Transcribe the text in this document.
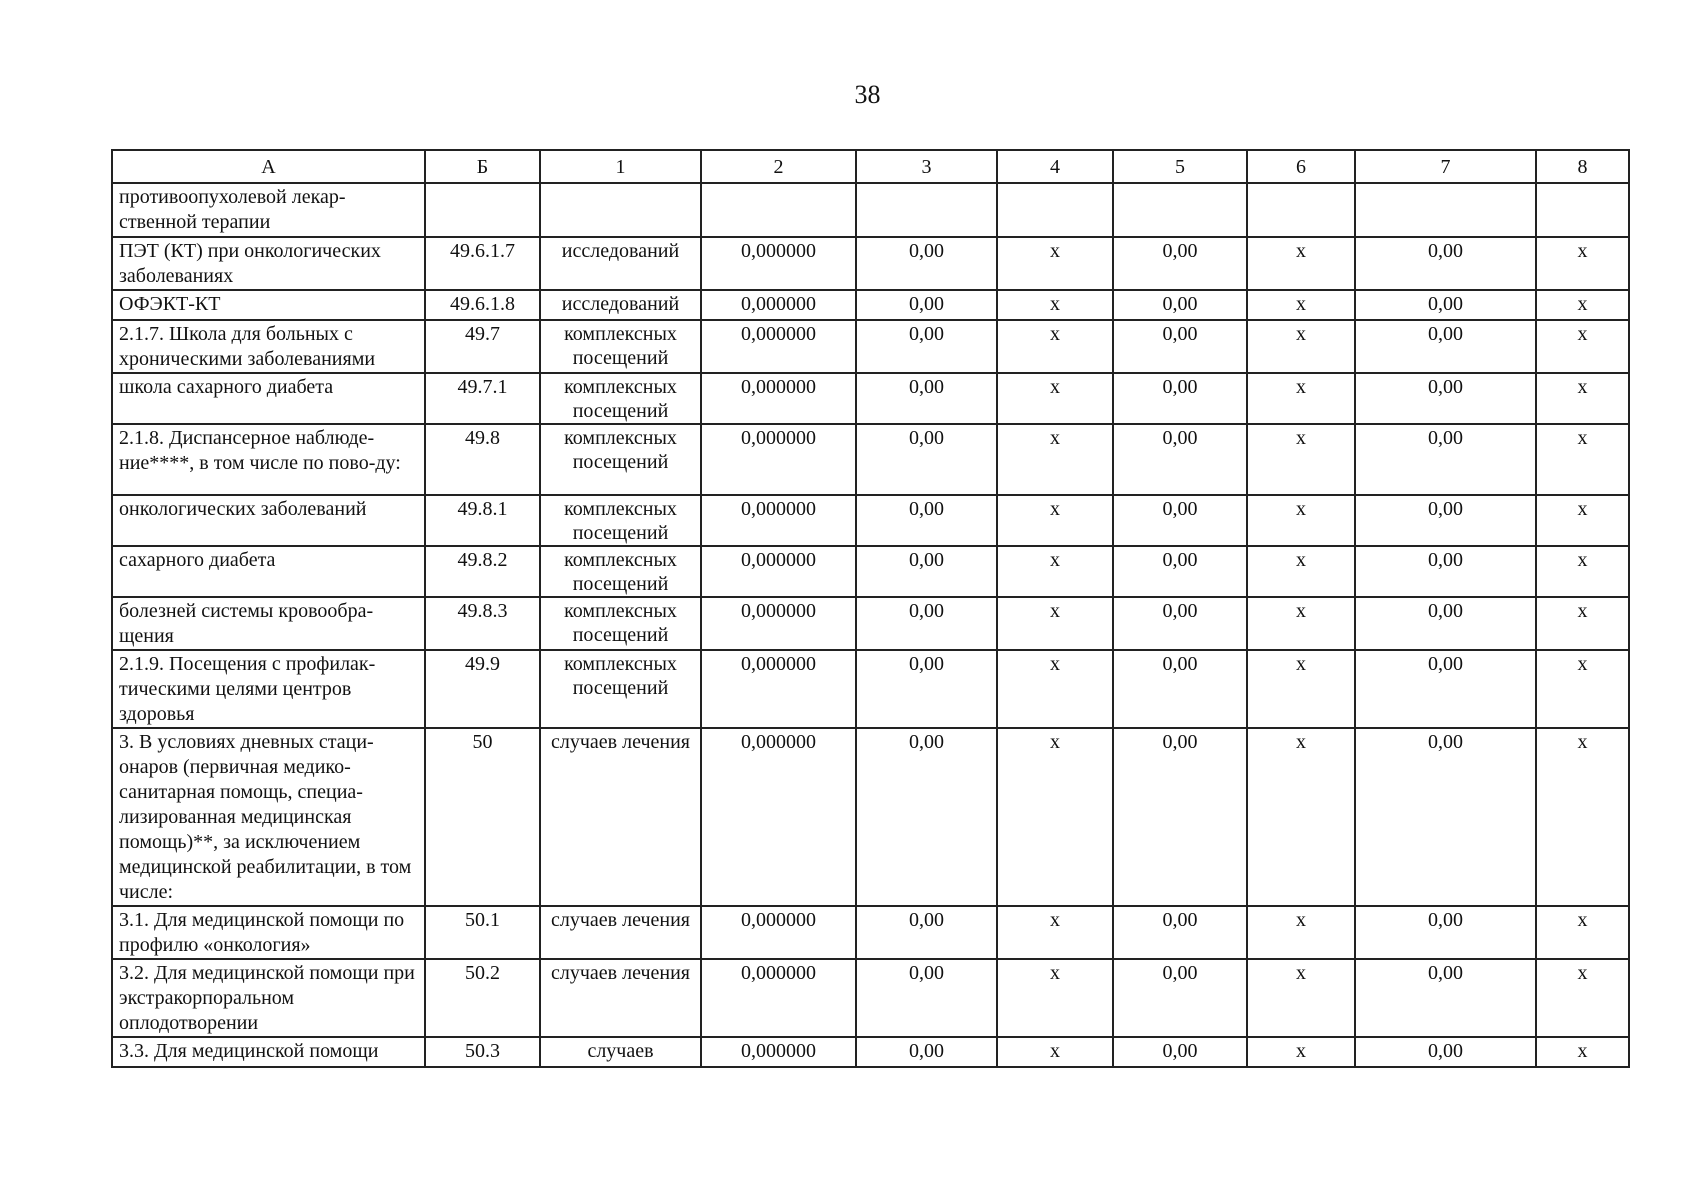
38
А	Б	1	2	3	4	5	6	7	8
противоопухолевой лекар-ственной терапии									
ПЭТ (КТ) при онкологических заболеваниях	49.6.1.7	исследований	0,000000	0,00	х	0,00	х	0,00	х
ОФЭКТ-КТ	49.6.1.8	исследований	0,000000	0,00	х	0,00	х	0,00	х
2.1.7. Школа для больных с хроническими заболеваниями	49.7	комплексных посещений	0,000000	0,00	х	0,00	х	0,00	х
школа сахарного диабета	49.7.1	комплексных посещений	0,000000	0,00	х	0,00	х	0,00	х
2.1.8. Диспансерное наблюде-ние****, в том числе по пово-ду:	49.8	комплексных посещений	0,000000	0,00	х	0,00	х	0,00	х
онкологических заболеваний	49.8.1	комплексных посещений	0,000000	0,00	х	0,00	х	0,00	х
сахарного диабета	49.8.2	комплексных посещений	0,000000	0,00	х	0,00	х	0,00	х
болезней системы кровообра-щения	49.8.3	комплексных посещений	0,000000	0,00	х	0,00	х	0,00	х
2.1.9. Посещения с профилак-тическими целями центров здоровья	49.9	комплексных посещений	0,000000	0,00	х	0,00	х	0,00	х
3. В условиях дневных стаци-онаров (первичная медико-санитарная помощь, специа-лизированная медицинская помощь)**, за исключением медицинской реабилитации, в том числе:	50	случаев лечения	0,000000	0,00	х	0,00	х	0,00	х
3.1. Для медицинской помощи по профилю «онкология»	50.1	случаев лечения	0,000000	0,00	х	0,00	х	0,00	х
3.2. Для медицинской помощи при экстракорпоральном оплодотворении	50.2	случаев лечения	0,000000	0,00	х	0,00	х	0,00	х
3.3. Для медицинской помощи	50.3	случаев	0,000000	0,00	х	0,00	х	0,00	х
